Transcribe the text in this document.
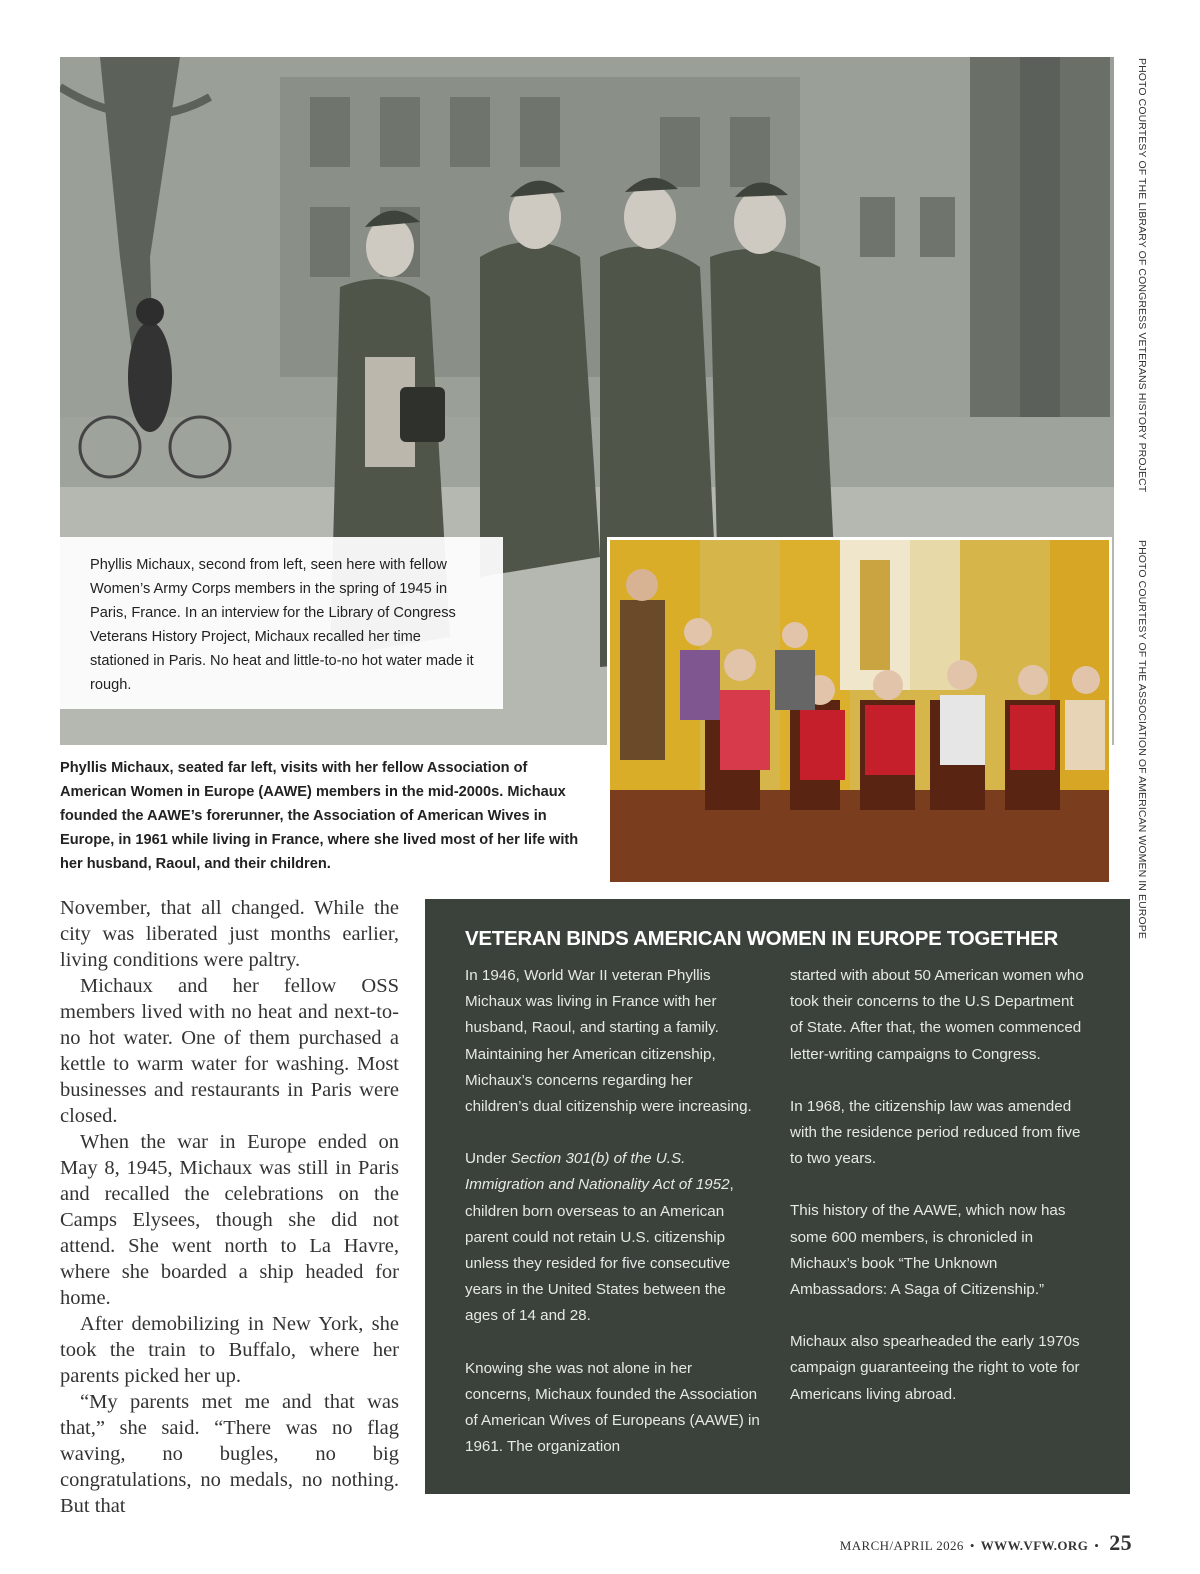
Phyllis Michaux, second from left, seen here with fellow Women’s Army Corps members in the spring of 1945 in Paris, France. In an interview for the Library of Congress Veterans History Project, Michaux recalled her time stationed in Paris. No heat and little-to-no hot water made it rough.
PHOTO COURTESY OF THE LIBRARY OF CONGRESS VETERANS HISTORY PROJECT
PHOTO COURTESY OF THE ASSOCIATION OF AMERICAN WOMEN IN EUROPE
Phyllis Michaux, seated far left, visits with her fellow Association of American Women in Europe (AAWE) members in the mid-2000s. Michaux founded the AAWE’s forerunner, the Association of American Wives in Europe, in 1961 while living in France, where she lived most of her life with her husband, Raoul, and their children.

November, that all changed. While the city was liberated just months earlier, living conditions were paltry.

Michaux and her fellow OSS members lived with no heat and next-to-no hot water. One of them purchased a kettle to warm water for washing. Most businesses and restaurants in Paris were closed.

When the war in Europe ended on May 8, 1945, Michaux was still in Paris and recalled the celebrations on the Camps Elysees, though she did not attend. She went north to La Havre, where she boarded a ship headed for home.

After demobilizing in New York, she took the train to Buffalo, where her parents picked her up.

“My parents met me and that was that,” she said. “There was no flag waving, no bugles, no big congratulations, no medals, no nothing. But that

VETERAN BINDS AMERICAN WOMEN IN EUROPE TOGETHER

In 1946, World War II veteran Phyllis Michaux was living in France with her husband, Raoul, and starting a family. Maintaining her American citizenship, Michaux’s concerns regarding her children’s dual citizenship were increasing.

Under Section 301(b) of the U.S. Immigration and Nationality Act of 1952, children born overseas to an American parent could not retain U.S. citizenship unless they resided for five consecutive years in the United States between the ages of 14 and 28.

Knowing she was not alone in her concerns, Michaux founded the Association of American Wives of Europeans (AAWE) in 1961. The organization

started with about 50 American women who took their concerns to the U.S Department of State. After that, the women commenced letter-writing campaigns to Congress.

In 1968, the citizenship law was amended with the residence period reduced from five to two years.

This history of the AAWE, which now has some 600 members, is chronicled in Michaux’s book “The Unknown Ambassadors: A Saga of Citizenship.”

Michaux also spearheaded the early 1970s campaign guaranteeing the right to vote for Americans living abroad.

MARCH/APRIL 2026 • WWW.VFW.ORG • 25
